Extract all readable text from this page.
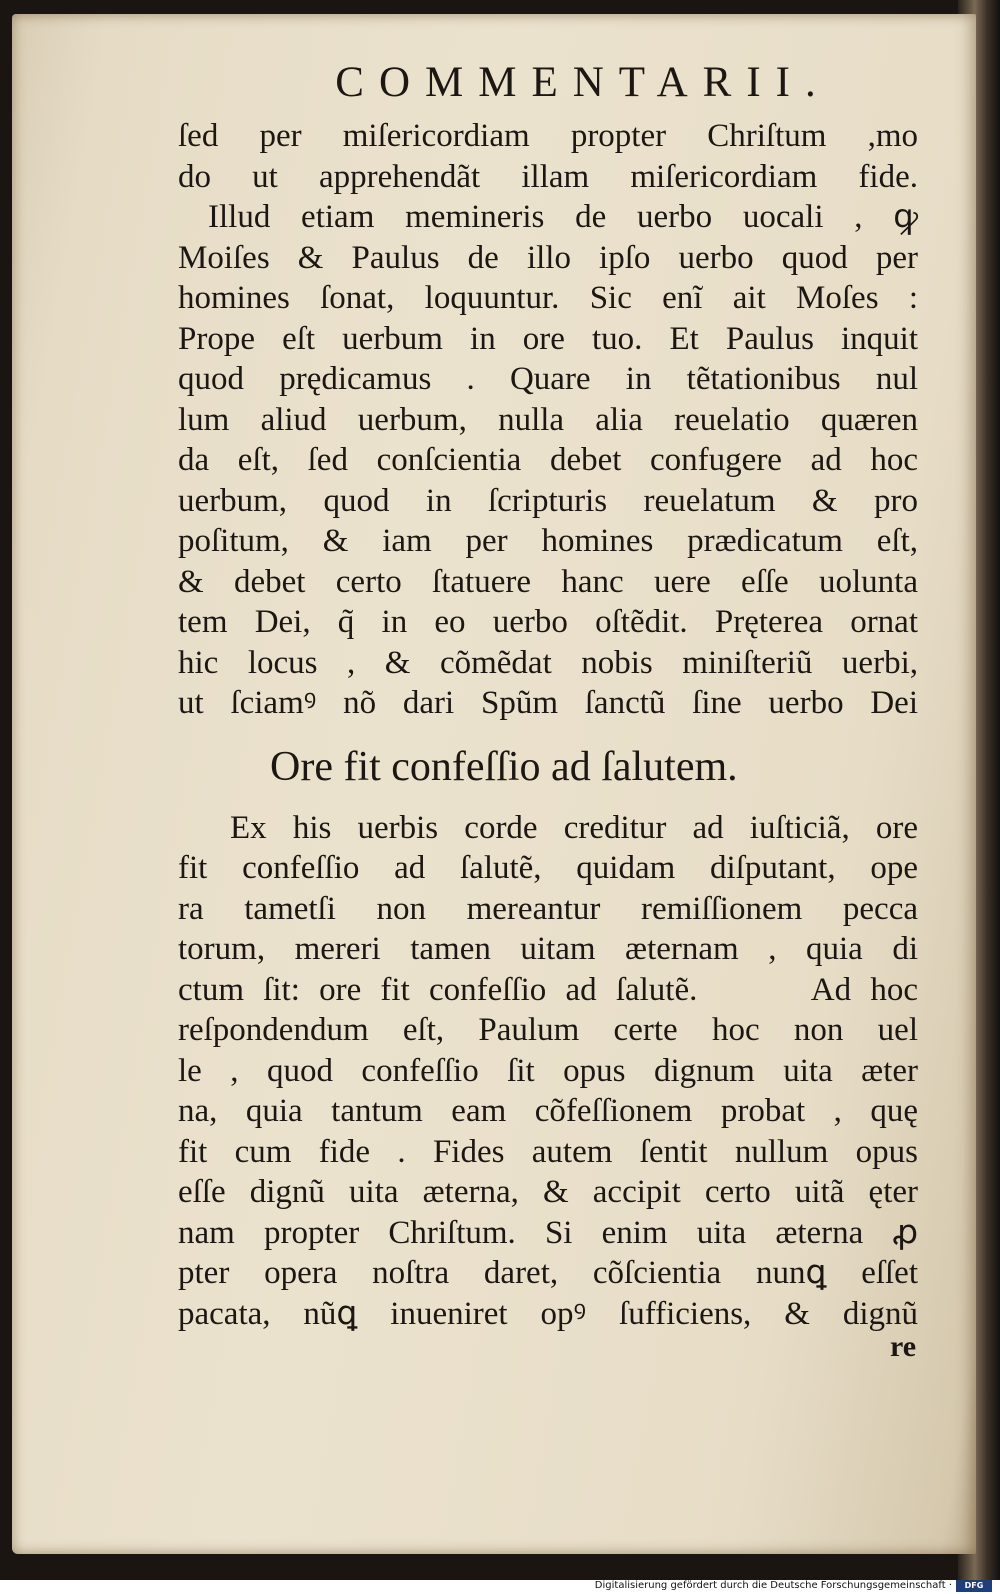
COMMENTARII.
ſed per miſericordiam propter Chriſtum ,mo
do ut apprehendãt illam miſericordiam fide.
Illud etiam memineris de uerbo uocali , ꝙ
Moiſes & Paulus de illo ipſo uerbo quod per
homines ſonat, loquuntur. Sic enĩ ait Moſes :
Prope eſt uerbum in ore tuo. Et Paulus inquit
quod prędicamus . Quare in tẽtationibus nul
lum aliud uerbum, nulla alia reuelatio quæren
da eſt, ſed conſcientia debet confugere ad hoc
uerbum, quod in ſcripturis reuelatum & pro
poſitum, & iam per homines prædicatum eſt,
& debet certo ſtatuere hanc uere eſſe uolunta
tem Dei, q̃ in eo uerbo oſtẽdit. Pręterea ornat
hic locus , & cõmẽdat nobis miniſteriũ uerbi,
ut ſciamꝰ nõ dari Spũm ſanctũ ſine uerbo Dei
Ore fit confeſſio ad ſalutem.
Ex his uerbis corde creditur ad iuſticiã, ore
fit confeſſio ad ſalutẽ, quidam diſputant, ope
ra tametſi non mereantur remiſſionem pecca
torum, mereri tamen uitam æternam , quia di
ctum ſit: ore fit confeſſio ad ſalutẽ.      Ad hoc
reſpondendum eſt, Paulum certe hoc non uel
le , quod confeſſio ſit opus dignum uita æter
na, quia tantum eam cõfeſſionem probat , quę
fit cum fide . Fides autem ſentit nullum opus
eſſe dignũ uita æterna, & accipit certo uitã ęter
nam propter Chriſtum. Si enim uita æterna ꝓ
pter opera noſtra daret, cõſcientia nunꝗ eſſet
pacata, nũꝗ inueniret opꝰ ſufficiens, & dignũ
re
Digitalisierung gefördert durch die Deutsche Forschungsgemeinschaft ·	DFG
